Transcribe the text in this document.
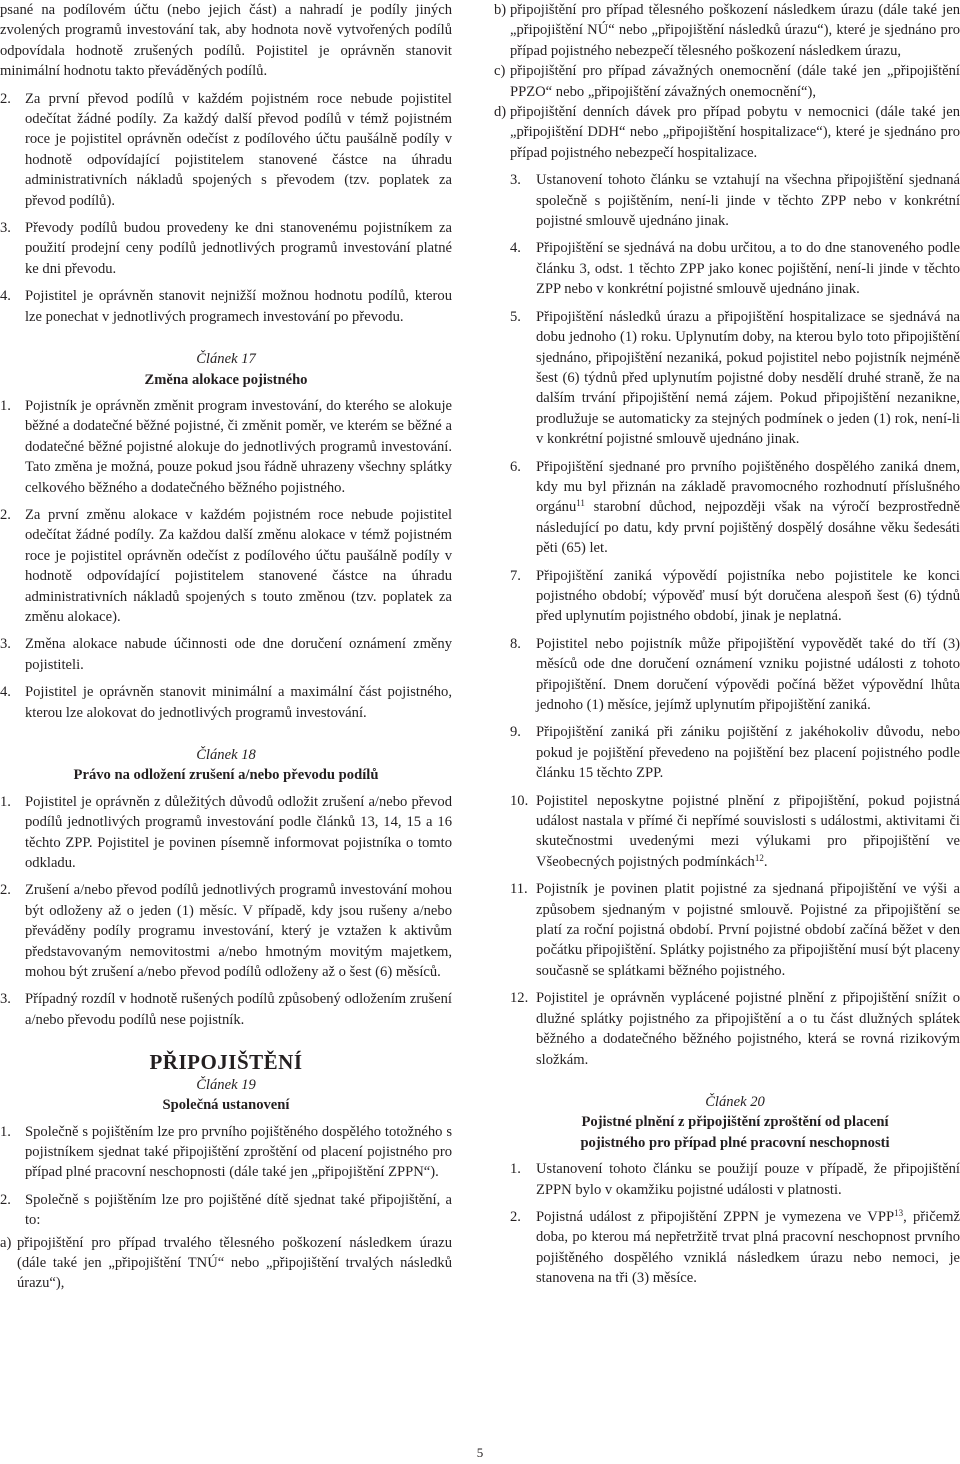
psané na podílovém účtu (nebo jejich část) a nahradí je podíly jiných zvolených programů investování tak, aby hodnota nově vytvořených podílů odpovídala hodnotě zrušených podílů. Pojistitel je oprávněn stanovit minimální hodnotu takto převáděných podílů.

2. Za první převod podílů v každém pojistném roce nebude pojistitel odečítat žádné podíly. Za každý další převod podílů v témž pojistném roce je pojistitel oprávněn odečíst z podílového účtu paušálně podíly v hodnotě odpovídající pojistitelem stanovené částce na úhradu administrativních nákladů spojených s převodem (tzv. poplatek za převod podílů).
3. Převody podílů budou provedeny ke dni stanovenému pojistníkem za použití prodejní ceny podílů jednotlivých programů investování platné ke dni převodu.
4. Pojistitel je oprávněn stanovit nejnižší možnou hodnotu podílů, kterou lze ponechat v jednotlivých programech investování po převodu.

Článek 17

Změna alokace pojistného

1. Pojistník je oprávněn změnit program investování, do kterého se alokuje běžné a dodatečné běžné pojistné, či změnit poměr, ve kterém se běžné a dodatečné běžné pojistné alokuje do jednotlivých programů investování. Tato změna je možná, pouze pokud jsou řádně uhrazeny všechny splátky celkového běžného a dodatečného běžného pojistného.
2. Za první změnu alokace v každém pojistném roce nebude pojistitel odečítat žádné podíly. Za každou další změnu alokace v témž pojistném roce je pojistitel oprávněn odečíst z podílového účtu paušálně podíly v hodnotě odpovídající pojistitelem stanovené částce na úhradu administrativních nákladů spojených s touto změnou (tzv. poplatek za změnu alokace).
3. Změna alokace nabude účinnosti ode dne doručení oznámení změny pojistiteli.
4. Pojistitel je oprávněn stanovit minimální a maximální část pojistného, kterou lze alokovat do jednotlivých programů investování.

Článek 18

Právo na odložení zrušení a/nebo převodu podílů

1. Pojistitel je oprávněn z důležitých důvodů odložit zrušení a/nebo převod podílů jednotlivých programů investování podle článků 13, 14, 15 a 16 těchto ZPP. Pojistitel je povinen písemně informovat pojistníka o tomto odkladu.
2. Zrušení a/nebo převod podílů jednotlivých programů investování mohou být odloženy až o jeden (1) měsíc. V případě, kdy jsou rušeny a/nebo převáděny podíly programu investování, který je vztažen k aktivům představovaným nemovitostmi a/nebo hmotným movitým majetkem, mohou být zrušení a/nebo převod podílů odloženy až o šest (6) měsíců.
3. Případný rozdíl v hodnotě rušených podílů způsobený odložením zrušení a/nebo převodu podílů nese pojistník.

PŘIPOJIŠTĚNÍ

Článek 19

Společná ustanovení

1. Společně s pojištěním lze pro prvního pojištěného dospělého totožného s pojistníkem sjednat také připojištění zproštění od placení pojistného pro případ plné pracovní neschopnosti (dále také jen „připojištění ZPPN“).
2. Společně s pojištěním lze pro pojištěné dítě sjednat také připojištění, a to:
a) připojištění pro případ trvalého tělesného poškození následkem úrazu (dále také jen „připojištění TNÚ“ nebo „připojištění trvalých následků úrazu“),
b) připojištění pro případ tělesného poškození následkem úrazu (dále také jen „připojištění NÚ“ nebo „připojištění následků úrazu“), které je sjednáno pro případ pojistného nebezpečí tělesného poškození následkem úrazu,
c) připojištění pro případ závažných onemocnění (dále také jen „připojištění PPZO“ nebo „připojištění závažných onemocnění“),
d) připojištění denních dávek pro případ pobytu v nemocnici (dále také jen „připojištění DDH“ nebo „připojištění hospitalizace“), které je sjednáno pro případ pojistného nebezpečí hospitalizace.
3. Ustanovení tohoto článku se vztahují na všechna připojištění sjednaná společně s pojištěním, není-li jinde v těchto ZPP nebo v konkrétní pojistné smlouvě ujednáno jinak.
4. Připojištění se sjednává na dobu určitou, a to do dne stanoveného podle článku 3, odst. 1 těchto ZPP jako konec pojištění, není-li jinde v těchto ZPP nebo v konkrétní pojistné smlouvě ujednáno jinak.
5. Připojištění následků úrazu a připojištění hospitalizace se sjednává na dobu jednoho (1) roku. Uplynutím doby, na kterou bylo toto připojištění sjednáno, připojištění nezaniká, pokud pojistitel nebo pojistník nejméně šest (6) týdnů před uplynutím pojistné doby nesdělí druhé straně, že na dalším trvání připojištění nemá zájem. Pokud připojištění nezanikne, prodlužuje se automaticky za stejných podmínek o jeden (1) rok, není-li v konkrétní pojistné smlouvě ujednáno jinak.
6. Připojištění sjednané pro prvního pojištěného dospělého zaniká dnem, kdy mu byl přiznán na základě pravomocného rozhodnutí příslušného orgánu$^{11}$ starobní důchod, nejpozději však na výročí bezprostředně následující po datu, kdy první pojištěný dospělý dosáhne věku šedesáti pěti (65) let.
7. Připojištění zaniká výpovědí pojistníka nebo pojistitele ke konci pojistného období; výpověď musí být doručena alespoň šest (6) týdnů před uplynutím pojistného období, jinak je neplatná.
8. Pojistitel nebo pojistník může připojištění vypovědět také do tří (3) měsíců ode dne doručení oznámení vzniku pojistné události z tohoto připojištění. Dnem doručení výpovědi počíná běžet výpovědní lhůta jednoho (1) měsíce, jejímž uplynutím připojištění zaniká.
9. Připojištění zaniká při zániku pojištění z jakéhokoliv důvodu, nebo pokud je pojištění převedeno na pojištění bez placení pojistného podle článku 15 těchto ZPP.
10. Pojistitel neposkytne pojistné plnění z připojištění, pokud pojistná událost nastala v přímé či nepřímé souvislosti s událostmi, aktivitami či skutečnostmi uvedenými mezi výlukami pro připojištění ve Všeobecných pojistných podmínkách$^{12}$.
11. Pojistník je povinen platit pojistné za sjednaná připojištění ve výši a způsobem sjednaným v pojistné smlouvě. Pojistné za připojištění se platí za roční pojistná období. První pojistné období začíná běžet v den počátku připojištění. Splátky pojistného za připojištění musí být placeny současně se splátkami běžného pojistného.
12. Pojistitel je oprávněn vyplácené pojistné plnění z připojištění snížit o dlužné splátky pojistného za připojištění a o tu část dlužných splátek běžného a dodatečného běžného pojistného, která se rovná rizikovým složkám.

Článek 20

Pojistné plnění z připojištění zproštění od placení pojistného pro případ plné pracovní neschopnosti

1. Ustanovení tohoto článku se použijí pouze v případě, že připojištění ZPPN bylo v okamžiku pojistné události v platnosti.
2. Pojistná událost z připojištění ZPPN je vymezena ve VPP$^{13}$, přičemž doba, po kterou má nepřetržitě trvat plná pracovní neschopnost prvního pojištěného dospělého vzniklá následkem úrazu nebo nemoci, je stanovena na tři (3) měsíce.
5
